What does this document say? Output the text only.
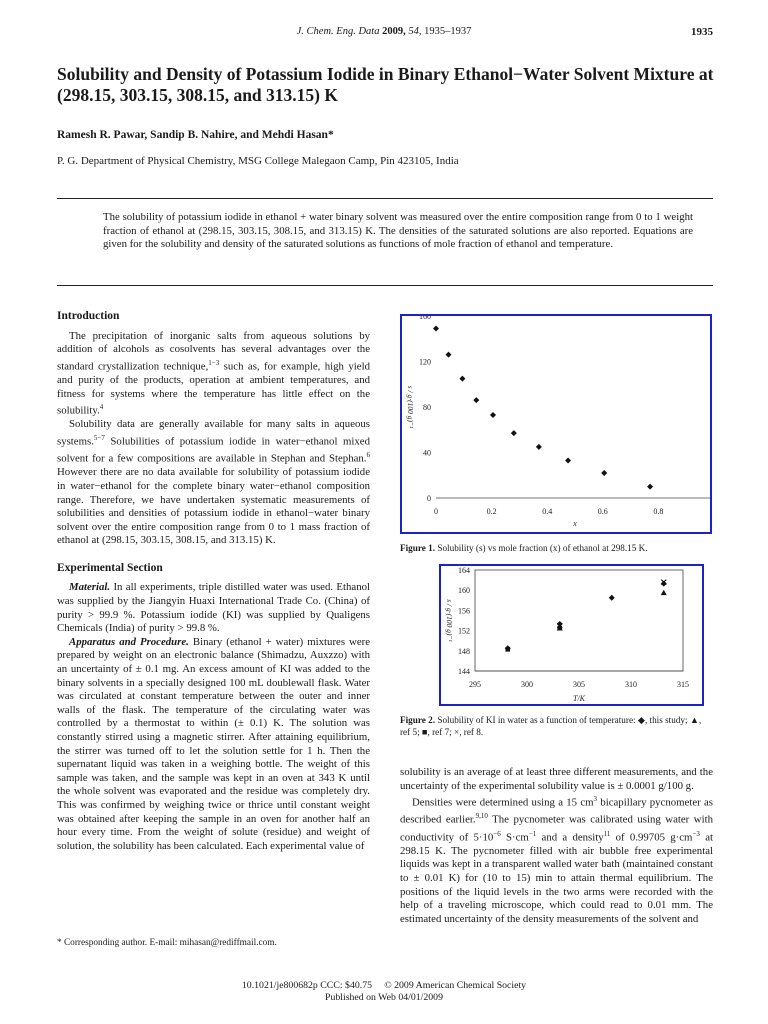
J. Chem. Eng. Data 2009, 54, 1935–1937	1935
Solubility and Density of Potassium Iodide in Binary Ethanol−Water Solvent Mixture at (298.15, 303.15, 308.15, and 313.15) K
Ramesh R. Pawar, Sandip B. Nahire, and Mehdi Hasan*
P. G. Department of Physical Chemistry, MSG College Malegaon Camp, Pin 423105, India
The solubility of potassium iodide in ethanol + water binary solvent was measured over the entire composition range from 0 to 1 weight fraction of ethanol at (298.15, 303.15, 308.15, and 313.15) K. The densities of the saturated solutions are also reported. Equations are given for the solubility and density of the saturated solutions as functions of mole fraction of ethanol and temperature.
Introduction

The precipitation of inorganic salts from aqueous solutions by addition of alcohols as cosolvents has several advantages over the standard crystallization technique,$^{1-3}$ such as, for example, high yield and purity of the products, operation at ambient temperatures, and fitness for systems where the temperature has little effect on the solubility.$^4$

Solubility data are generally available for many salts in aqueous systems.$^{5-7}$ Solubilities of potassium iodide in water−ethanol mixed solvent for a few compositions are available in Stephan and Stephan.$^6$ However there are no data available for solubility of potassium iodide in water−ethanol for the complete binary water−ethanol composition range. Therefore, we have undertaken systematic measurements of solubilities and densities of potassium iodide in ethanol−water binary solvent over the entire composition range from 0 to 1 mass fraction of ethanol at (298.15, 303.15, 308.15, and 313.15) K.

Experimental Section

Material. In all experiments, triple distilled water was used. Ethanol was supplied by the Jiangyin Huaxi International Trade Co. (China) of purity > 99.9 %. Potassium iodide (KI) was supplied by Qualigens Chemicals (India) of purity > 99.8 %.

Apparatus and Procedure. Binary (ethanol + water) mixtures were prepared by weight on an electronic balance (Shimadzu, Auxzzo) with an uncertainty of ± 0.1 mg. An excess amount of KI was added to the binary solvents in a specially designed 100 mL doublewall flask. Water was circulated at constant temperature between the outer and inner walls of the flask. The temperature of the circulating water was controlled by a thermostat to within (± 0.1) K. The solution was constantly stirred using a magnetic stirrer. After attaining equilibrium, the stirrer was turned off to let the solution settle for 1 h. Then the supernatant liquid was taken in a weighing bottle. The weight of this sample was taken, and the sample was kept in an oven at 343 K until the whole solvent was evaporated and the residue was completely dry. This was confirmed by weighing twice or thrice until constant weight was obtained after keeping the sample in an oven for another half an hour every time. From the weight of solute (residue) and weight of solution, the solubility has been calculated. Each experimental value of

* Corresponding author. E-mail: mihasan@rediffmail.com.
0	0.2	0.4	0.6	0.8
0
40
80
120
160
x
s / g·(100 g)⁻¹
Figure 1. Solubility (s) vs mole fraction (x) of ethanol at 298.15 K.
295	300	305	310	315
144
148
152
156
160
164
T/K
s / g·(100 g)⁻¹
Figure 2. Solubility of KI in water as a function of temperature: ◆, this study; ▲, ref 5; ■, ref 7; ×, ref 8.

solubility is an average of at least three different measurements, and the uncertainty of the experimental solubility value is ± 0.0001 g/100 g.

Densities were determined using a 15 $cm^3$ bicapillary pycnometer as described earlier.$^{9,10}$ The pycnometer was calibrated using water with conductivity of $5\cdot 10^{-6}$ $S\cdot cm^{-1}$ and a density$^{11}$ of 0.99705 $g\cdot cm^{-3}$ at 298.15 K. The pycnometer filled with air bubble free experimental liquids was kept in a transparent walled water bath (maintained constant to ± 0.01 K) for (10 to 15) min to attain thermal equilibrium. The positions of the liquid levels in the two arms were recorded with the help of a traveling microscope, which could read to 0.01 mm. The estimated uncertainty of the density measurements of the solvent and

10.1021/je800682p CCC: $40.75     © 2009 American Chemical Society
Published on Web 04/01/2009
